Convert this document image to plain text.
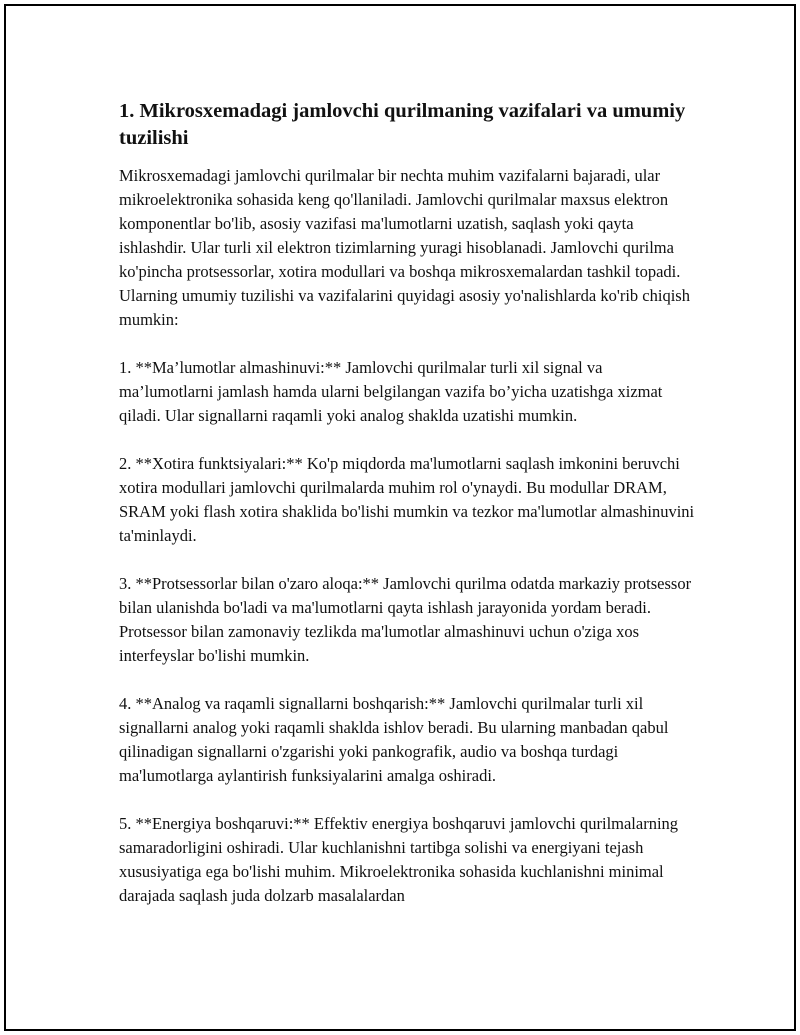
1. Mikrosxemadagi jamlovchi qurilmaning vazifalari va umumiy tuzilishi

Mikrosxemadagi jamlovchi qurilmalar bir nechta muhim vazifalarni bajaradi, ular mikroelektronika sohasida keng qo'llaniladi. Jamlovchi qurilmalar maxsus elektron komponentlar bo'lib, asosiy vazifasi ma'lumotlarni uzatish, saqlash yoki qayta ishlashdir. Ular turli xil elektron tizimlarning yuragi hisoblanadi. Jamlovchi qurilma ko'pincha protsessorlar, xotira modullari va boshqa mikrosxemalardan tashkil topadi. Ularning umumiy tuzilishi va vazifalarini quyidagi asosiy yo'nalishlarda ko'rib chiqish mumkin:

1. **Ma’lumotlar almashinuvi:** Jamlovchi qurilmalar turli xil signal va ma’lumotlarni jamlash hamda ularni belgilangan vazifa bo’yicha uzatishga xizmat qiladi. Ular signallarni raqamli yoki analog shaklda uzatishi mumkin.

2. **Xotira funktsiyalari:** Ko'p miqdorda ma'lumotlarni saqlash imkonini beruvchi xotira modullari jamlovchi qurilmalarda muhim rol o'ynaydi. Bu modullar DRAM, SRAM yoki flash xotira shaklida bo'lishi mumkin va tezkor ma'lumotlar almashinuvini ta'minlaydi.

3. **Protsessorlar bilan o'zaro aloqa:** Jamlovchi qurilma odatda markaziy protsessor bilan ulanishda bo'ladi va ma'lumotlarni qayta ishlash jarayonida yordam beradi. Protsessor bilan zamonaviy tezlikda ma'lumotlar almashinuvi uchun o'ziga xos interfeyslar bo'lishi mumkin.

4. **Analog va raqamli signallarni boshqarish:** Jamlovchi qurilmalar turli xil signallarni analog yoki raqamli shaklda ishlov beradi. Bu ularning manbadan qabul qilinadigan signallarni o'zgarishi yoki pankografik, audio va boshqa turdagi ma'lumotlarga aylantirish funksiyalarini amalga oshiradi.

5. **Energiya boshqaruvi:** Effektiv energiya boshqaruvi jamlovchi qurilmalarning samaradorligini oshiradi. Ular kuchlanishni tartibga solishi va energiyani tejash xususiyatiga ega bo'lishi muhim. Mikroelektronika sohasida kuchlanishni minimal darajada saqlash juda dolzarb masalalardan
